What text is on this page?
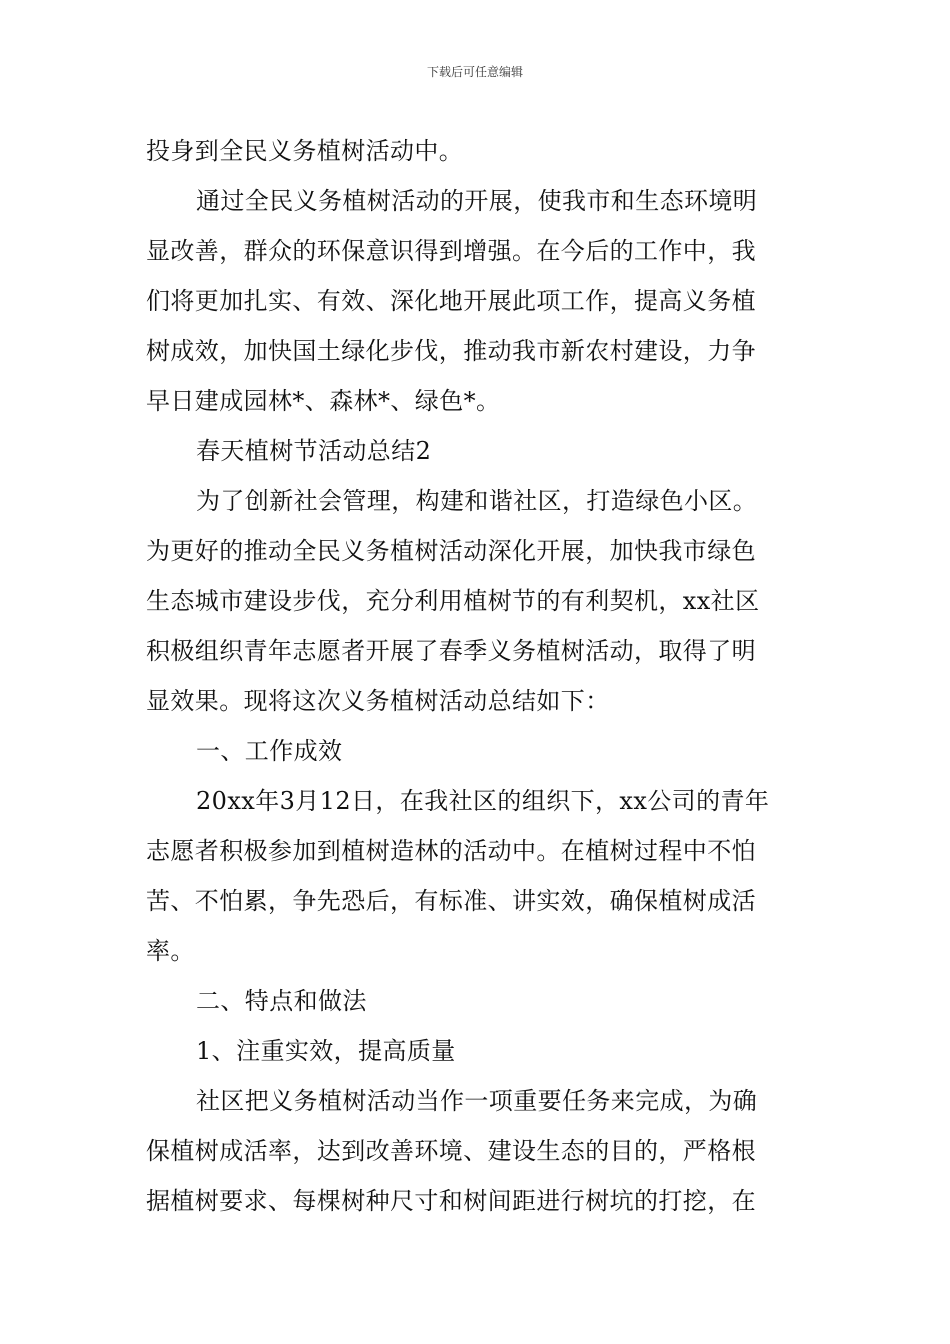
下载后可任意编辑
投身到全民义务植树活动中。
通过全民义务植树活动的开展，使我市和生态环境明
显改善，群众的环保意识得到增强。在今后的工作中，我
们将更加扎实、有效、深化地开展此项工作，提高义务植
树成效，加快国土绿化步伐，推动我市新农村建设，力争
早日建成园林*、森林*、绿色*。
春天植树节活动总结2
为了创新社会管理，构建和谐社区，打造绿色小区。
为更好的推动全民义务植树活动深化开展，加快我市绿色
生态城市建设步伐，充分利用植树节的有利契机，xx社区
积极组织青年志愿者开展了春季义务植树活动，取得了明
显效果。现将这次义务植树活动总结如下：
一、工作成效
20xx年3月12日，在我社区的组织下，xx公司的青年
志愿者积极参加到植树造林的活动中。在植树过程中不怕
苦、不怕累，争先恐后，有标准、讲实效，确保植树成活
率。
二、特点和做法
1、注重实效，提高质量
社区把义务植树活动当作一项重要任务来完成，为确
保植树成活率，达到改善环境、建设生态的目的，严格根
据植树要求、每棵树种尺寸和树间距进行树坑的打挖，在
